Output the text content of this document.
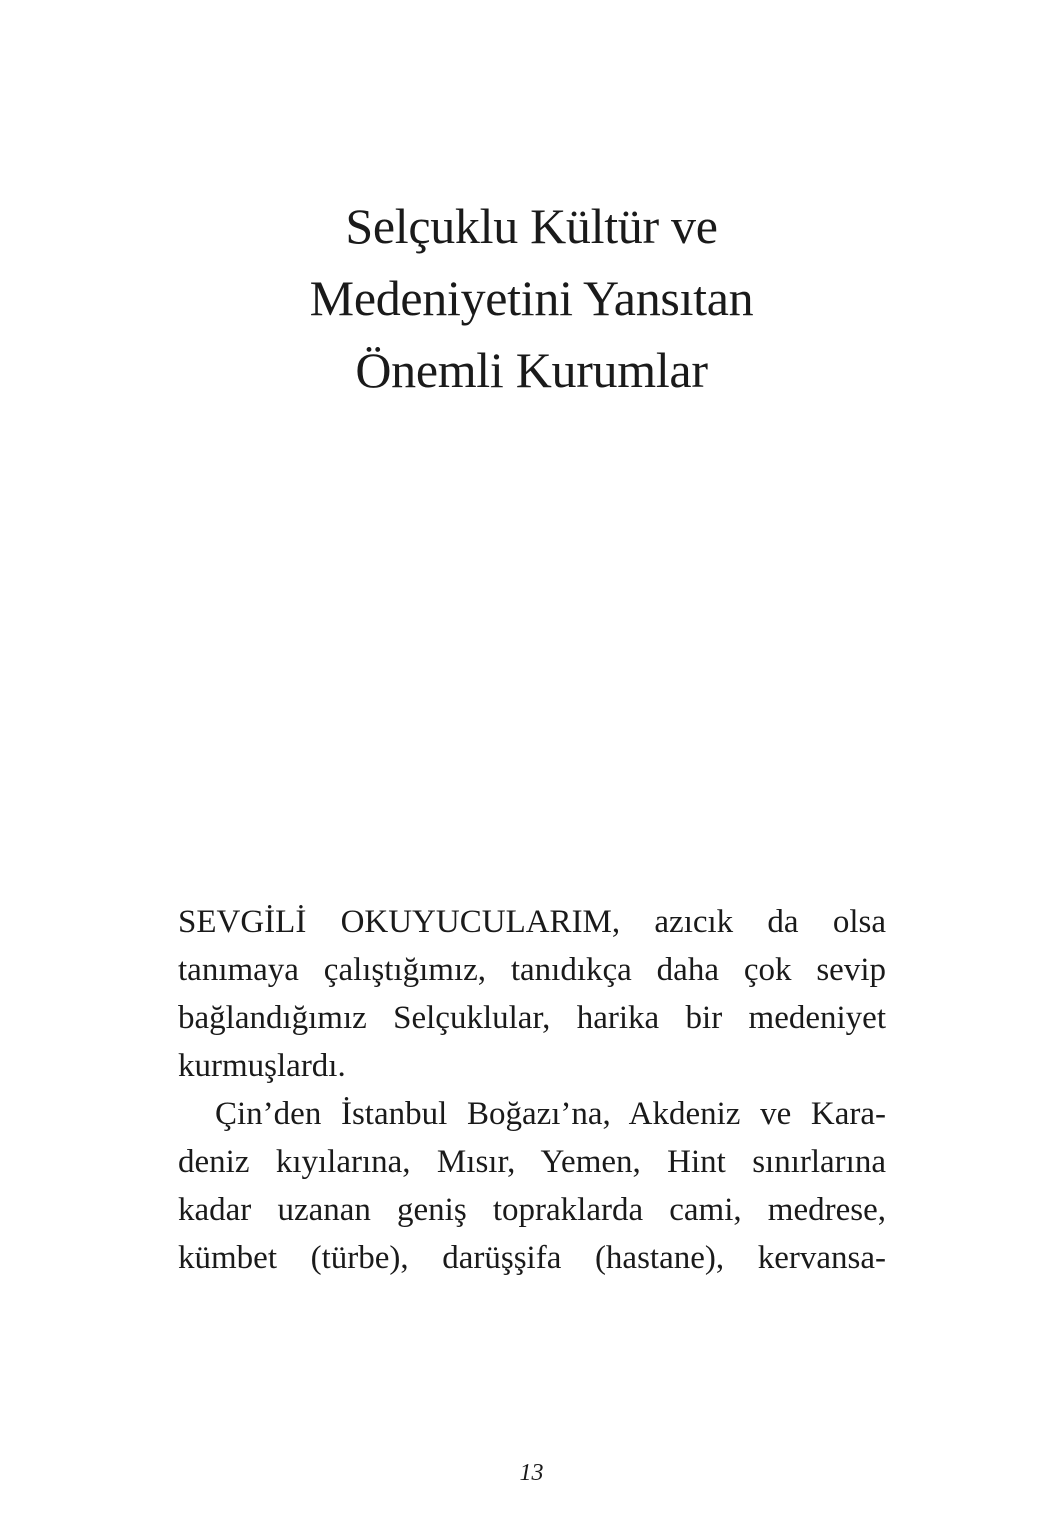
Selçuklu Kültür ve
Medeniyetini Yansıtan
Önemli Kurumlar
SEVGİLİ OKUYUCULARIM, azıcık da olsa
tanımaya çalıştığımız, tanıdıkça daha çok sevip
bağlandığımız Selçuklular, harika bir medeniyet
kurmuşlardı.
Çin’den İstanbul Boğazı’na, Akdeniz ve Kara-
deniz kıyılarına, Mısır, Yemen, Hint sınırlarına
kadar uzanan geniş topraklarda cami, medrese,
kümbet (türbe), darüşşifa (hastane), kervansa-
13
